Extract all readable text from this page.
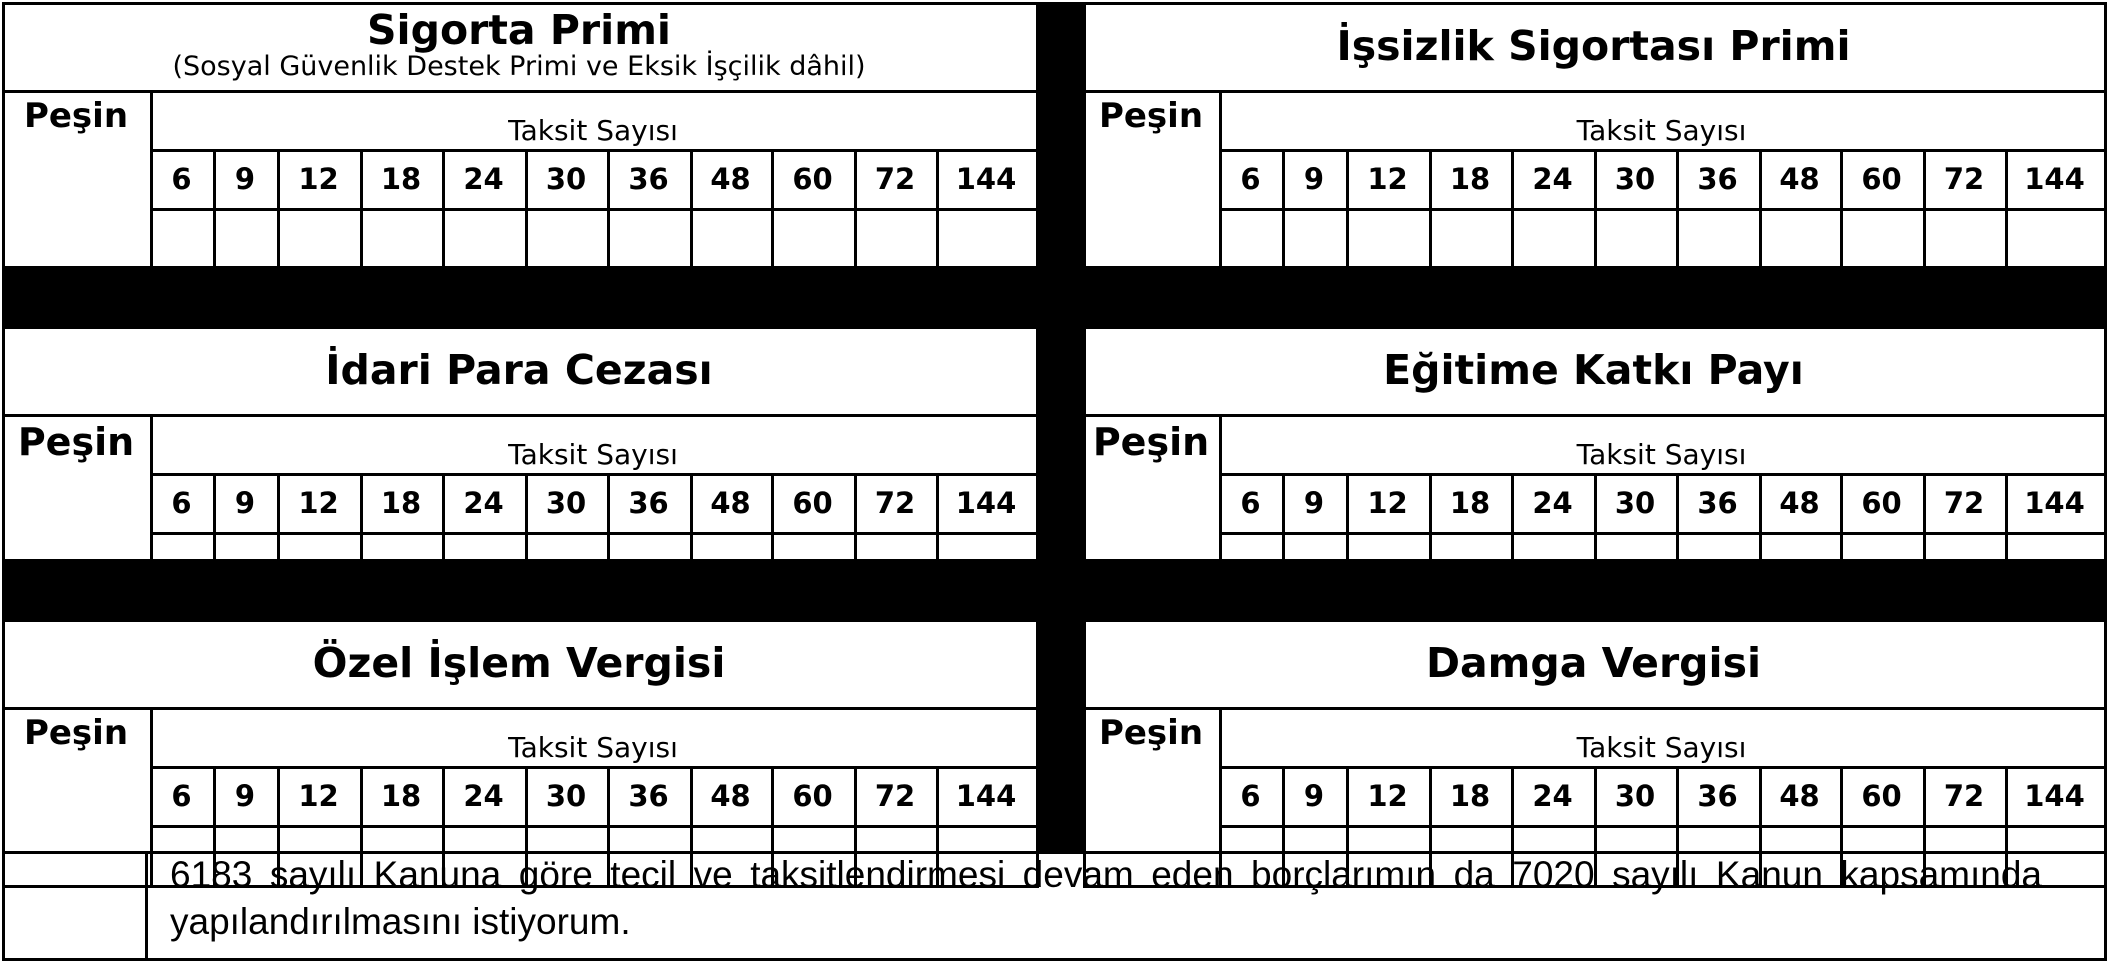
Sigorta Primi
(Sosyal Güvenlik Destek Primi ve Eksik İşçilik dâhil)
Peşin	Taksit Sayısı
6	9	12	18	24	30	36	48	60	72	144
İşsizlik Sigortası Primi
Peşin	Taksit Sayısı
6	9	12	18	24	30	36	48	60	72	144
İdari Para Cezası
Peşin	Taksit Sayısı
6	9	12	18	24	30	36	48	60	72	144
Eğitime Katkı Payı
Peşin	Taksit Sayısı
6	9	12	18	24	30	36	48	60	72	144
Özel İşlem Vergisi
Peşin	Taksit Sayısı
6	9	12	18	24	30	36	48	60	72	144
Damga Vergisi
Peşin	Taksit Sayısı
6	9	12	18	24	30	36	48	60	72	144
6183 sayılı Kanuna göre tecil ve taksitlendirmesi devam eden borçlarımın da 7020 sayılı Kanun kapsamında yapılandırılmasını istiyorum.
